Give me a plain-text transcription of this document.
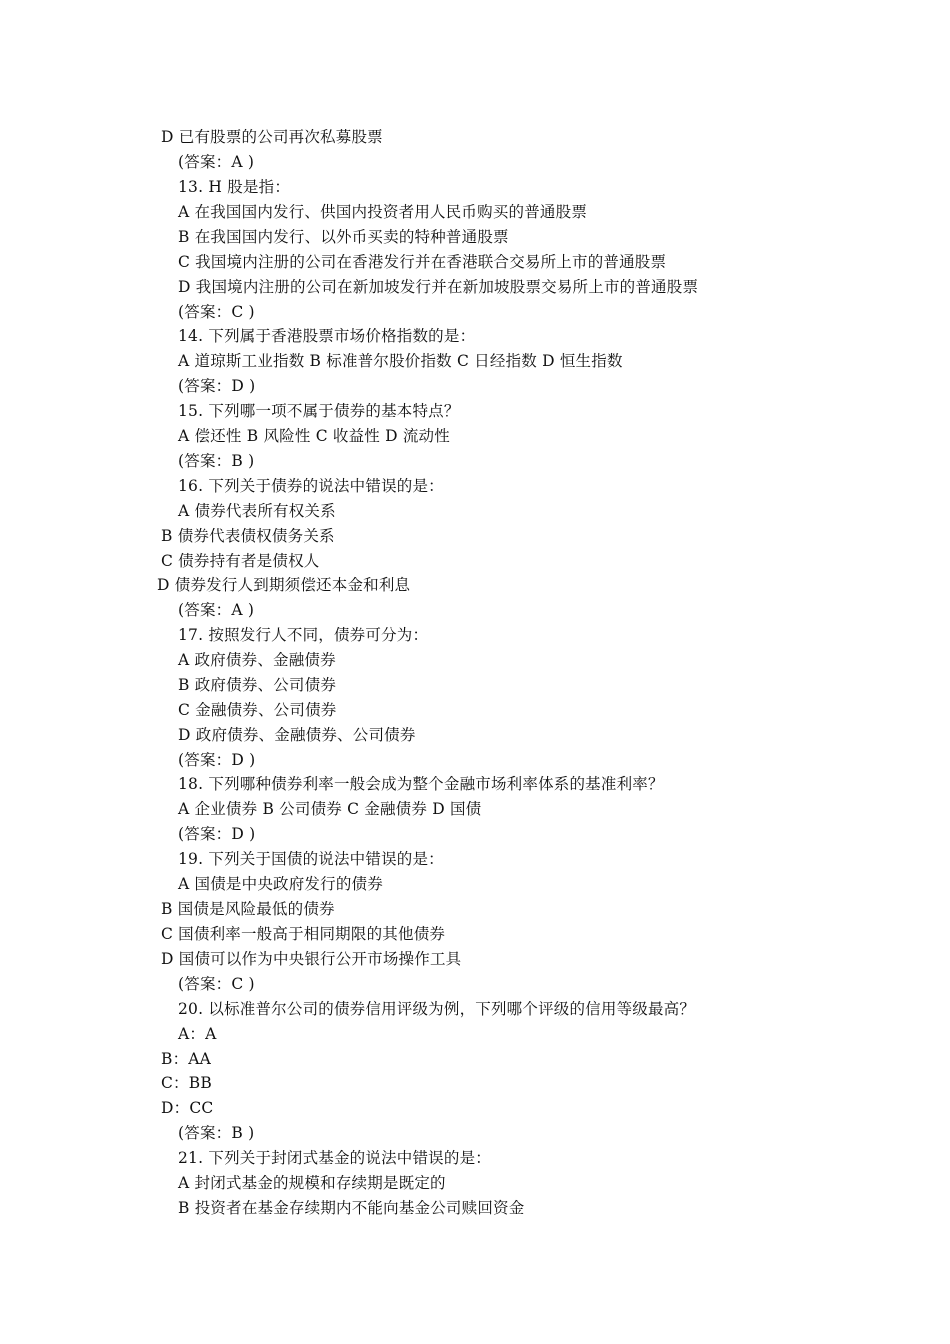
D 已有股票的公司再次私募股票
(答案：A )
13. H 股是指：
A 在我国国内发行、供国内投资者用人民币购买的普通股票
B 在我国国内发行、以外币买卖的特种普通股票
C 我国境内注册的公司在香港发行并在香港联合交易所上市的普通股票
D 我国境内注册的公司在新加坡发行并在新加坡股票交易所上市的普通股票
(答案：C )
14. 下列属于香港股票市场价格指数的是：
A 道琼斯工业指数 B 标准普尔股价指数 C 日经指数 D 恒生指数
(答案：D )
15. 下列哪一项不属于债券的基本特点？
A 偿还性 B 风险性 C 收益性 D 流动性
(答案：B )
16. 下列关于债券的说法中错误的是：
A 债券代表所有权关系
B 债券代表债权债务关系
C 债券持有者是债权人
D 债券发行人到期须偿还本金和利息
(答案：A )
17. 按照发行人不同，债券可分为：
A 政府债券、金融债券
B 政府债券、公司债券
C 金融债券、公司债券
D 政府债券、金融债券、公司债券
(答案：D )
18. 下列哪种债券利率一般会成为整个金融市场利率体系的基准利率？
A 企业债券 B 公司债券 C 金融债券 D 国债
(答案：D )
19. 下列关于国债的说法中错误的是：
A 国债是中央政府发行的债券
B 国债是风险最低的债券
C 国债利率一般高于相同期限的其他债券
D 国债可以作为中央银行公开市场操作工具
(答案：C )
20. 以标准普尔公司的债券信用评级为例，下列哪个评级的信用等级最高？
A：A
B：AA
C：BB
D：CC
(答案：B )
21. 下列关于封闭式基金的说法中错误的是：
A 封闭式基金的规模和存续期是既定的
B 投资者在基金存续期内不能向基金公司赎回资金
